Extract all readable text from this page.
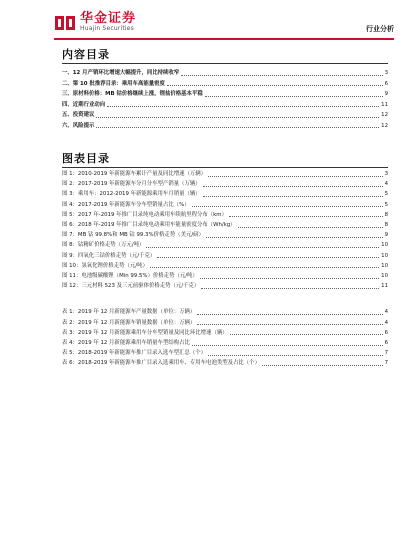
华金证券
Huajin Securities	行业分析
内容目录
一、12 月产销环比增速大幅提升，同比持续收窄	3
二、第 10 批推荐目录：乘用车高能量密度	6
三、原材料价格：MB 钴价格继续上涨，锂盐价格基本平稳	9
四、近期行业动向	11
五、投资建议	12
六、风险提示	12
图表目录
图 1：2010-2019 年新能源车累计产量及同比增速（万辆）	3
图 2：2017-2019 年新能源车分月分车型产销量（万辆）	4
图 3：乘用车：2012-2019 年新能源乘用车月销量（辆）	5
图 4：2017-2019 年新能源车分车型销量占比（%）	5
图 5：2017 年-2019 年推广目录纯电动乘用车续航里程分布（km）	8
图 6：2018 年-2019 年推广目录纯电动乘用车能量密度分布（Wh/kg）	8
图 7：MB 钴 99.8%和 MB 钴 99.3%价格走势（美元/磅）	9
图 8：钴精矿价格走势（万元/吨）	10
图 9：四氧化三钴价格走势（元/千克）	10
图 10：氢氧化锂价格走势（元/吨）	10
图 11：电池级碳酸锂（Min 99.5%）价格走势（元/吨）	10
图 12：三元材料 523 及三元前驱体价格走势（元/千克）	11
表 1：2019 年 12 月新能源车产量数据（单位：万辆）	4
表 2：2019 年 12 月新能源车销量数据（单位：万辆）	4
表 3：2019 年 12 月新能源乘用车分车型销量及同比环比增速（辆）	6
表 4：2019 年 12 月新能源乘用车销量车型结构占比	6
表 5：2018-2019 年新能源车推广目录入选车型汇总（个）	7
表 6：2018-2019 年新能源车推广目录入选乘用车、专用车电池类型及占比（个）	7
